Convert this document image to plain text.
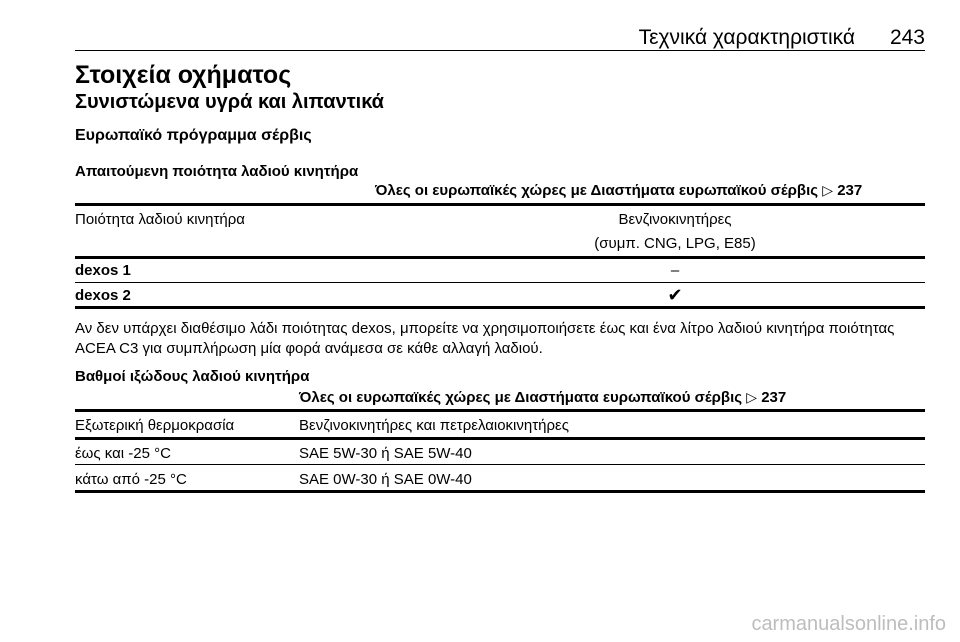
Τεχνικά χαρακτηριστικά 243
Στοιχεία οχήματος
Συνιστώμενα υγρά και λιπαντικά
Ευρωπαϊκό πρόγραμμα σέρβις
Απαιτούμενη ποιότητα λαδιού κινητήρα
Όλες οι ευρωπαϊκές χώρες με Διαστήματα ευρωπαϊκού σέρβις ▷ 237
Ποιότητα λαδιού κινητήρα	Βενζινοκινητήρες
(συμπ. CNG, LPG, E85)
dexos 1	–
dexos 2	✔
Αν δεν υπάρχει διαθέσιμο λάδι ποιότητας dexos, μπορείτε να χρησιμοποιήσετε έως και ένα λίτρο λαδιού κινητήρα ποιότητας ACEA C3 για συμπλήρωση μία φορά ανάμεσα σε κάθε αλλαγή λαδιού.
Βαθμοί ιξώδους λαδιού κινητήρα
Όλες οι ευρωπαϊκές χώρες με Διαστήματα ευρωπαϊκού σέρβις ▷ 237
Εξωτερική θερμοκρασία	Βενζινοκινητήρες και πετρελαιοκινητήρες
έως και -25 °C	SAE 5W-30 ή SAE 5W-40
κάτω από -25 °C	SAE 0W-30 ή SAE 0W-40
carmanualsonline.info
